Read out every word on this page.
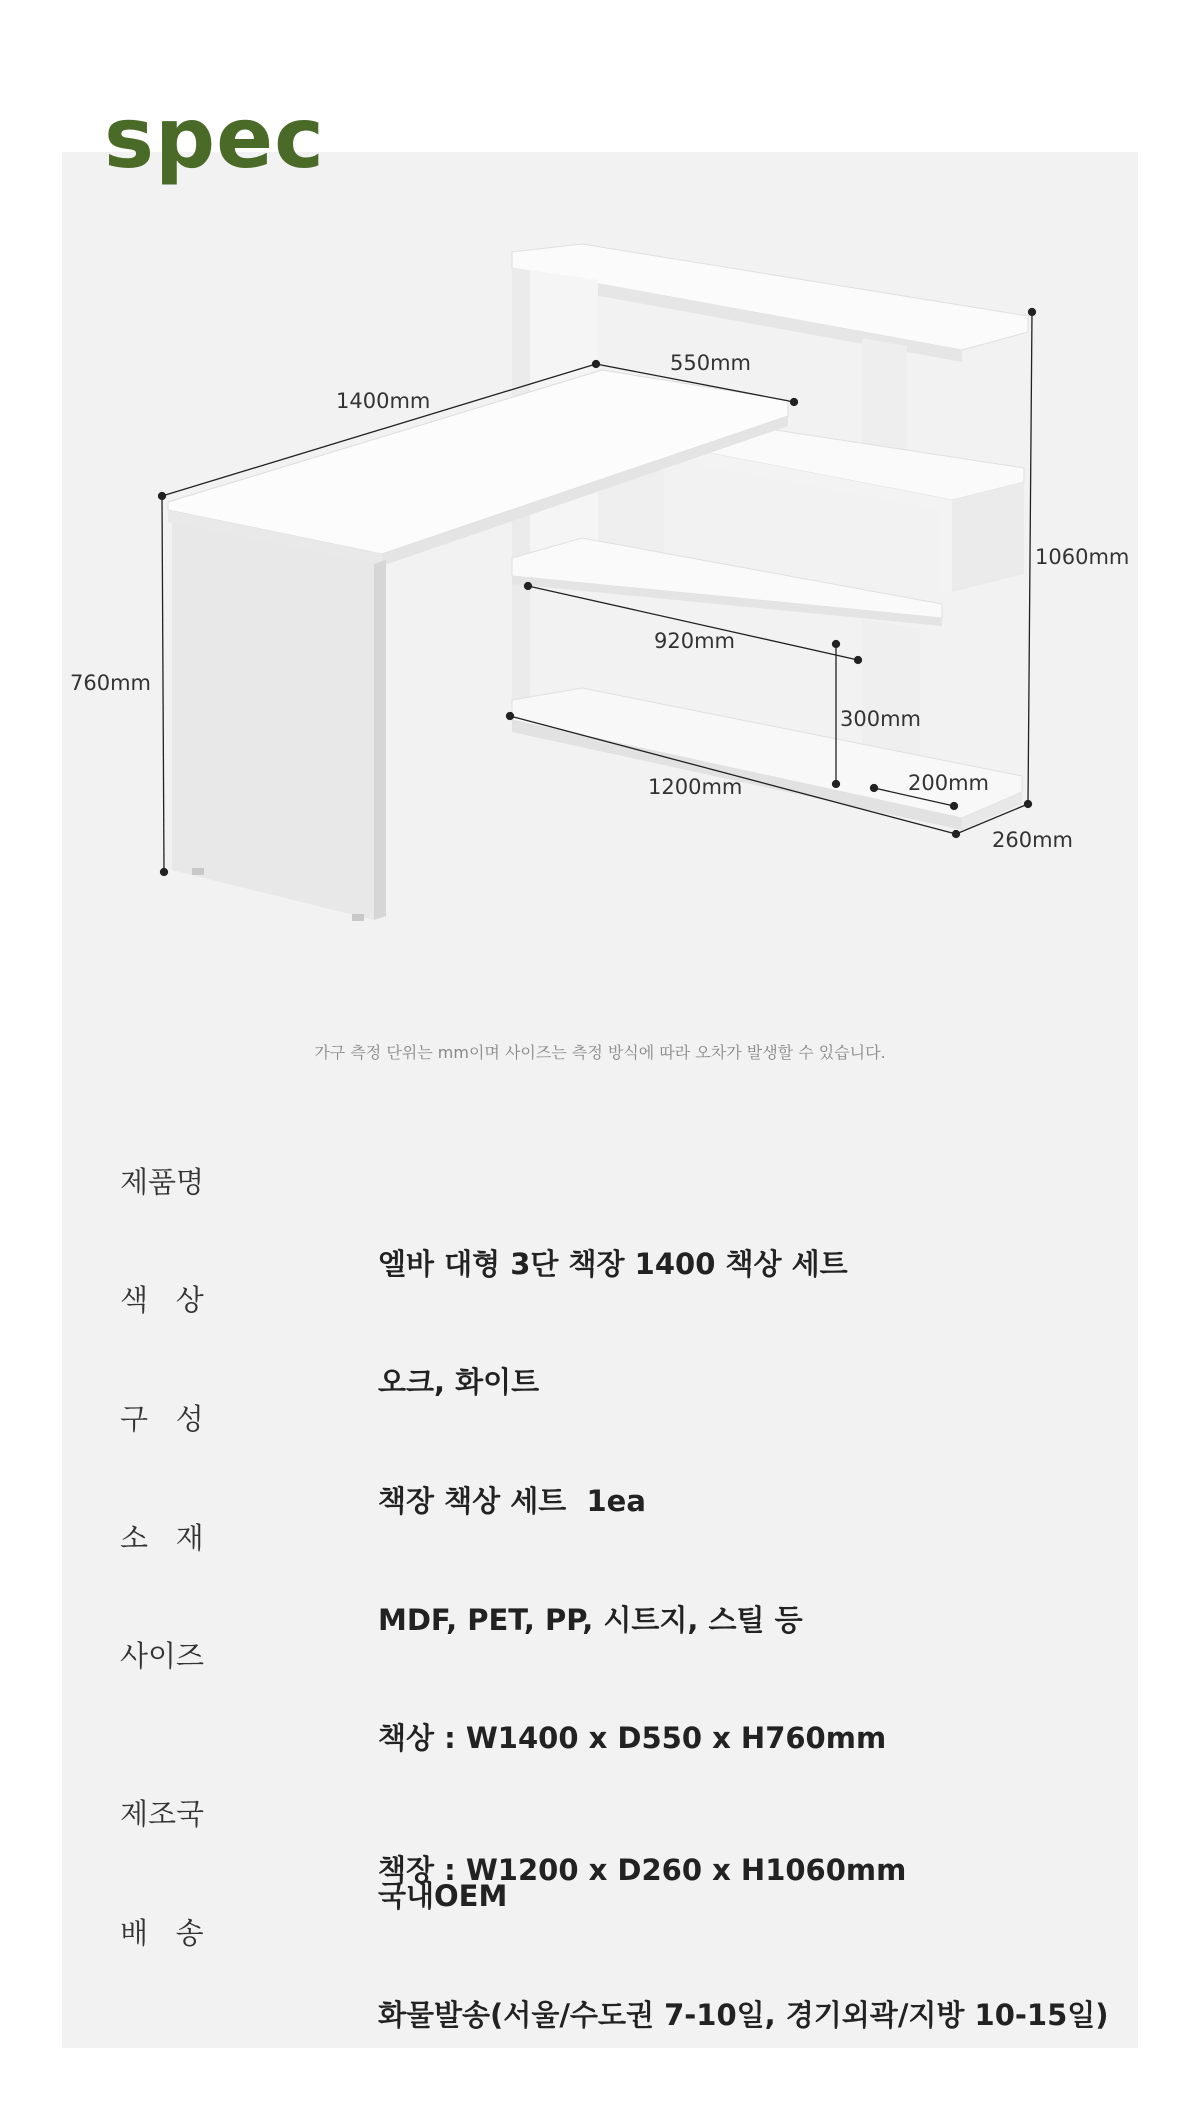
spec
1400mm
550mm
760mm
1060mm
920mm
300mm
1200mm	200mm
260mm
가구 측정 단위는 mm이며 사이즈는 측정 방식에 따라 오차가 발생할 수 있습니다.
제품명

엘바 대형 3단 책장 1400 책상 세트

색   상

오크, 화이트

구   성

책장 책상 세트  1ea

소   재

MDF, PET, PP, 시트지, 스틸 등

사이즈

책상 : W1400 x D550 x H760mm

책장 : W1200 x D260 x H1060mm

제조국

국내OEM

배   송

화물발송(서울/수도권 7-10일, 경기외곽/지방 10-15일)
